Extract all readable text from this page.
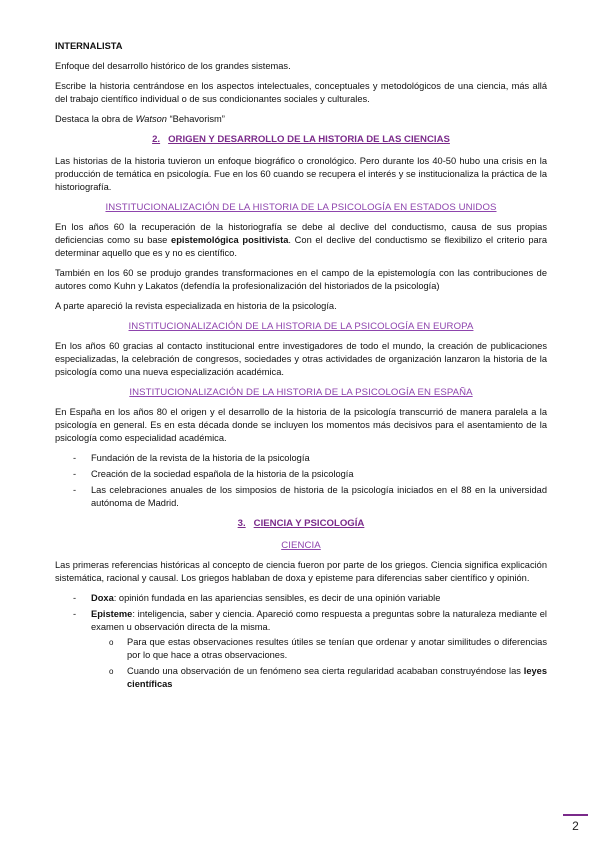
INTERNALISTA

Enfoque del desarrollo histórico de los grandes sistemas.

Escribe la historia centrándose en los aspectos intelectuales, conceptuales y metodológicos de una ciencia, más allá del trabajo científico individual o de sus condicionantes sociales y culturales.

Destaca la obra de Watson “Behavorism”

2. ORIGEN Y DESARROLLO DE LA HISTORIA DE LAS CIENCIAS

Las historias de la historia tuvieron un enfoque biográfico o cronológico. Pero durante los 40-50 hubo una crisis en la producción de temática en psicología. Fue en los 60 cuando se recupera el interés y se institucionaliza la práctica de la historiografía.

INSTITUCIONALIZACIÓN DE LA HISTORIA DE LA PSICOLOGÍA EN ESTADOS UNIDOS

En los años 60 la recuperación de la historiografía se debe al declive del conductismo, causa de sus propias deficiencias como su base epistemológica positivista. Con el declive del conductismo se flexibilizo el criterio para determinar aquello que es y no es científico.

También en los 60 se produjo grandes transformaciones en el campo de la epistemología con las contribuciones de autores como Kuhn y Lakatos (defendía la profesionalización del historiados de la psicología)

A parte apareció la revista especializada en historia de la psicología.

INSTITUCIONALIZACIÓN DE LA HISTORIA DE LA PSICOLOGÍA EN EUROPA

En los años 60 gracias al contacto institucional entre investigadores de todo el mundo, la creación de publicaciones especializadas, la celebración de congresos, sociedades y otras actividades de organización lanzaron la historia de la psicología como una nueva especialización académica.

INSTITUCIONALIZACIÓN DE LA HISTORIA DE LA PSICOLOGÍA EN ESPAÑA

En España en los años 80 el origen y el desarrollo de la historia de la psicología transcurrió de manera paralela a la psicología en general. Es en esta década donde se incluyen los momentos más decisivos para el asentamiento de la psicología como especialidad académica.

- Fundación de la revista de la historia de la psicología
- Creación de la sociedad española de la historia de la psicología
- Las celebraciones anuales de los simposios de historia de la psicología iniciados en el 88 en la universidad autónoma de Madrid.
3. CIENCIA Y PSICOLOGÍA
CIENCIA

Las primeras referencias históricas al concepto de ciencia fueron por parte de los griegos. Ciencia significa explicación sistemática, racional y causal. Los griegos hablaban de doxa y episteme para diferencias saber científico y opinión.

- Doxa: opinión fundada en las apariencias sensibles, es decir de una opinión variable
- Episteme: inteligencia, saber y ciencia. Apareció como respuesta a preguntas sobre la naturaleza mediante el examen u observación directa de la misma.
o Para que estas observaciones resultes útiles se tenían que ordenar y anotar similitudes o diferencias por lo que hace a otras observaciones.
o Cuando una observación de un fenómeno sea cierta regularidad acababan construyéndose las leyes científicas
2
